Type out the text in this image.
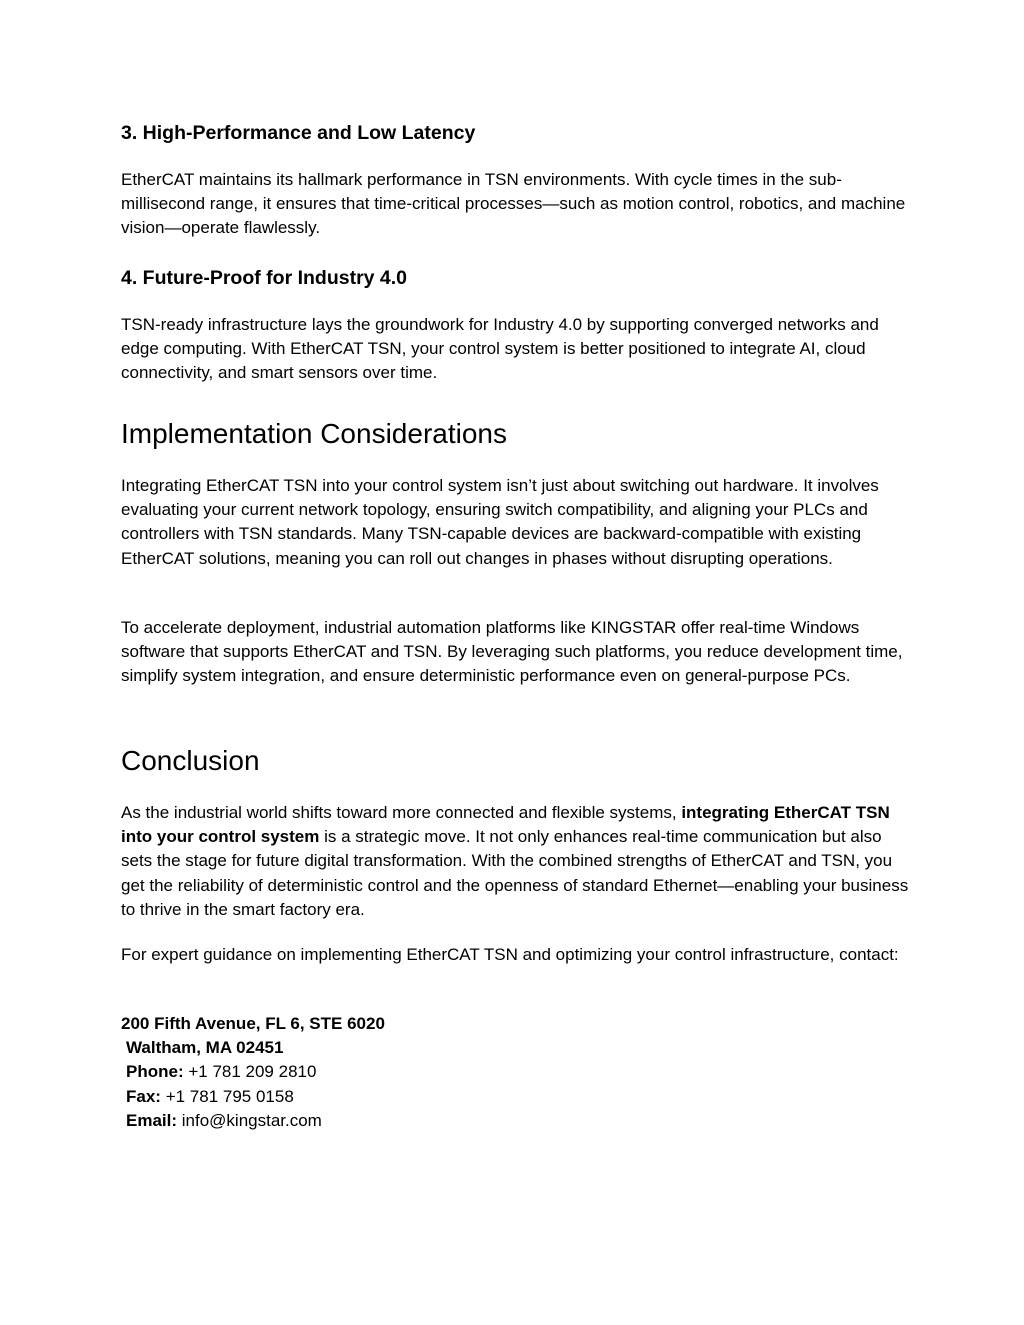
3. High-Performance and Low Latency

EtherCAT maintains its hallmark performance in TSN environments. With cycle times in the sub-millisecond range, it ensures that time-critical processes—such as motion control, robotics, and machine vision—operate flawlessly.

4. Future-Proof for Industry 4.0

TSN-ready infrastructure lays the groundwork for Industry 4.0 by supporting converged networks and edge computing. With EtherCAT TSN, your control system is better positioned to integrate AI, cloud connectivity, and smart sensors over time.

Implementation Considerations

Integrating EtherCAT TSN into your control system isn’t just about switching out hardware. It involves evaluating your current network topology, ensuring switch compatibility, and aligning your PLCs and controllers with TSN standards. Many TSN-capable devices are backward-compatible with existing EtherCAT solutions, meaning you can roll out changes in phases without disrupting operations.

To accelerate deployment, industrial automation platforms like KINGSTAR offer real-time Windows software that supports EtherCAT and TSN. By leveraging such platforms, you reduce development time, simplify system integration, and ensure deterministic performance even on general-purpose PCs.

Conclusion

As the industrial world shifts toward more connected and flexible systems, integrating EtherCAT TSN into your control system is a strategic move. It not only enhances real-time communication but also sets the stage for future digital transformation. With the combined strengths of EtherCAT and TSN, you get the reliability of deterministic control and the openness of standard Ethernet—enabling your business to thrive in the smart factory era.

For expert guidance on implementing EtherCAT TSN and optimizing your control infrastructure, contact:

200 Fifth Avenue, FL 6, STE 6020
Waltham, MA 02451
Phone: +1 781 209 2810
Fax: +1 781 795 0158
Email: info@kingstar.com
